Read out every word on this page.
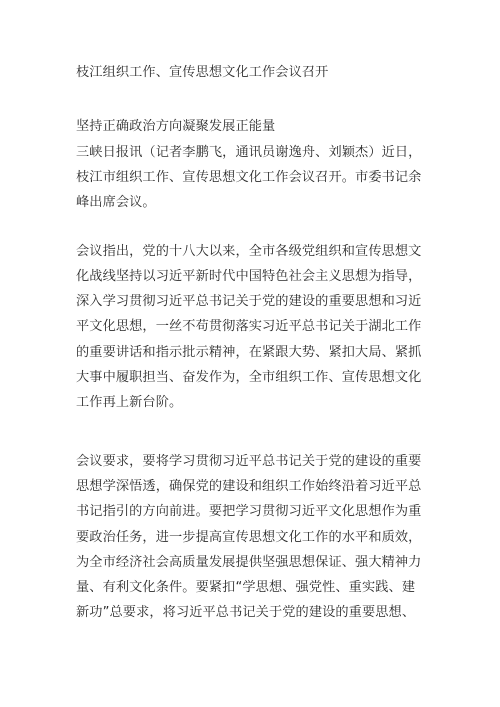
枝江组织工作、宣传思想文化工作会议召开
坚持正确政治方向凝聚发展正能量
三峡日报讯（记者李鹏飞，通讯员谢逸舟、刘颖杰）近日，
枝江市组织工作、宣传思想文化工作会议召开。市委书记余
峰出席会议。
会议指出，党的十八大以来，全市各级党组织和宣传思想文
化战线坚持以习近平新时代中国特色社会主义思想为指导，
深入学习贯彻习近平总书记关于党的建设的重要思想和习近
平文化思想，一丝不苟贯彻落实习近平总书记关于湖北工作
的重要讲话和指示批示精神，在紧跟大势、紧扣大局、紧抓
大事中履职担当、奋发作为，全市组织工作、宣传思想文化
工作再上新台阶。
会议要求，要将学习贯彻习近平总书记关于党的建设的重要
思想学深悟透，确保党的建设和组织工作始终沿着习近平总
书记指引的方向前进。要把学习贯彻习近平文化思想作为重
要政治任务，进一步提高宣传思想文化工作的水平和质效，
为全市经济社会高质量发展提供坚强思想保证、强大精神力
量、有利文化条件。要紧扣“学思想、强党性、重实践、建
新功”总要求，将习近平总书记关于党的建设的重要思想、
